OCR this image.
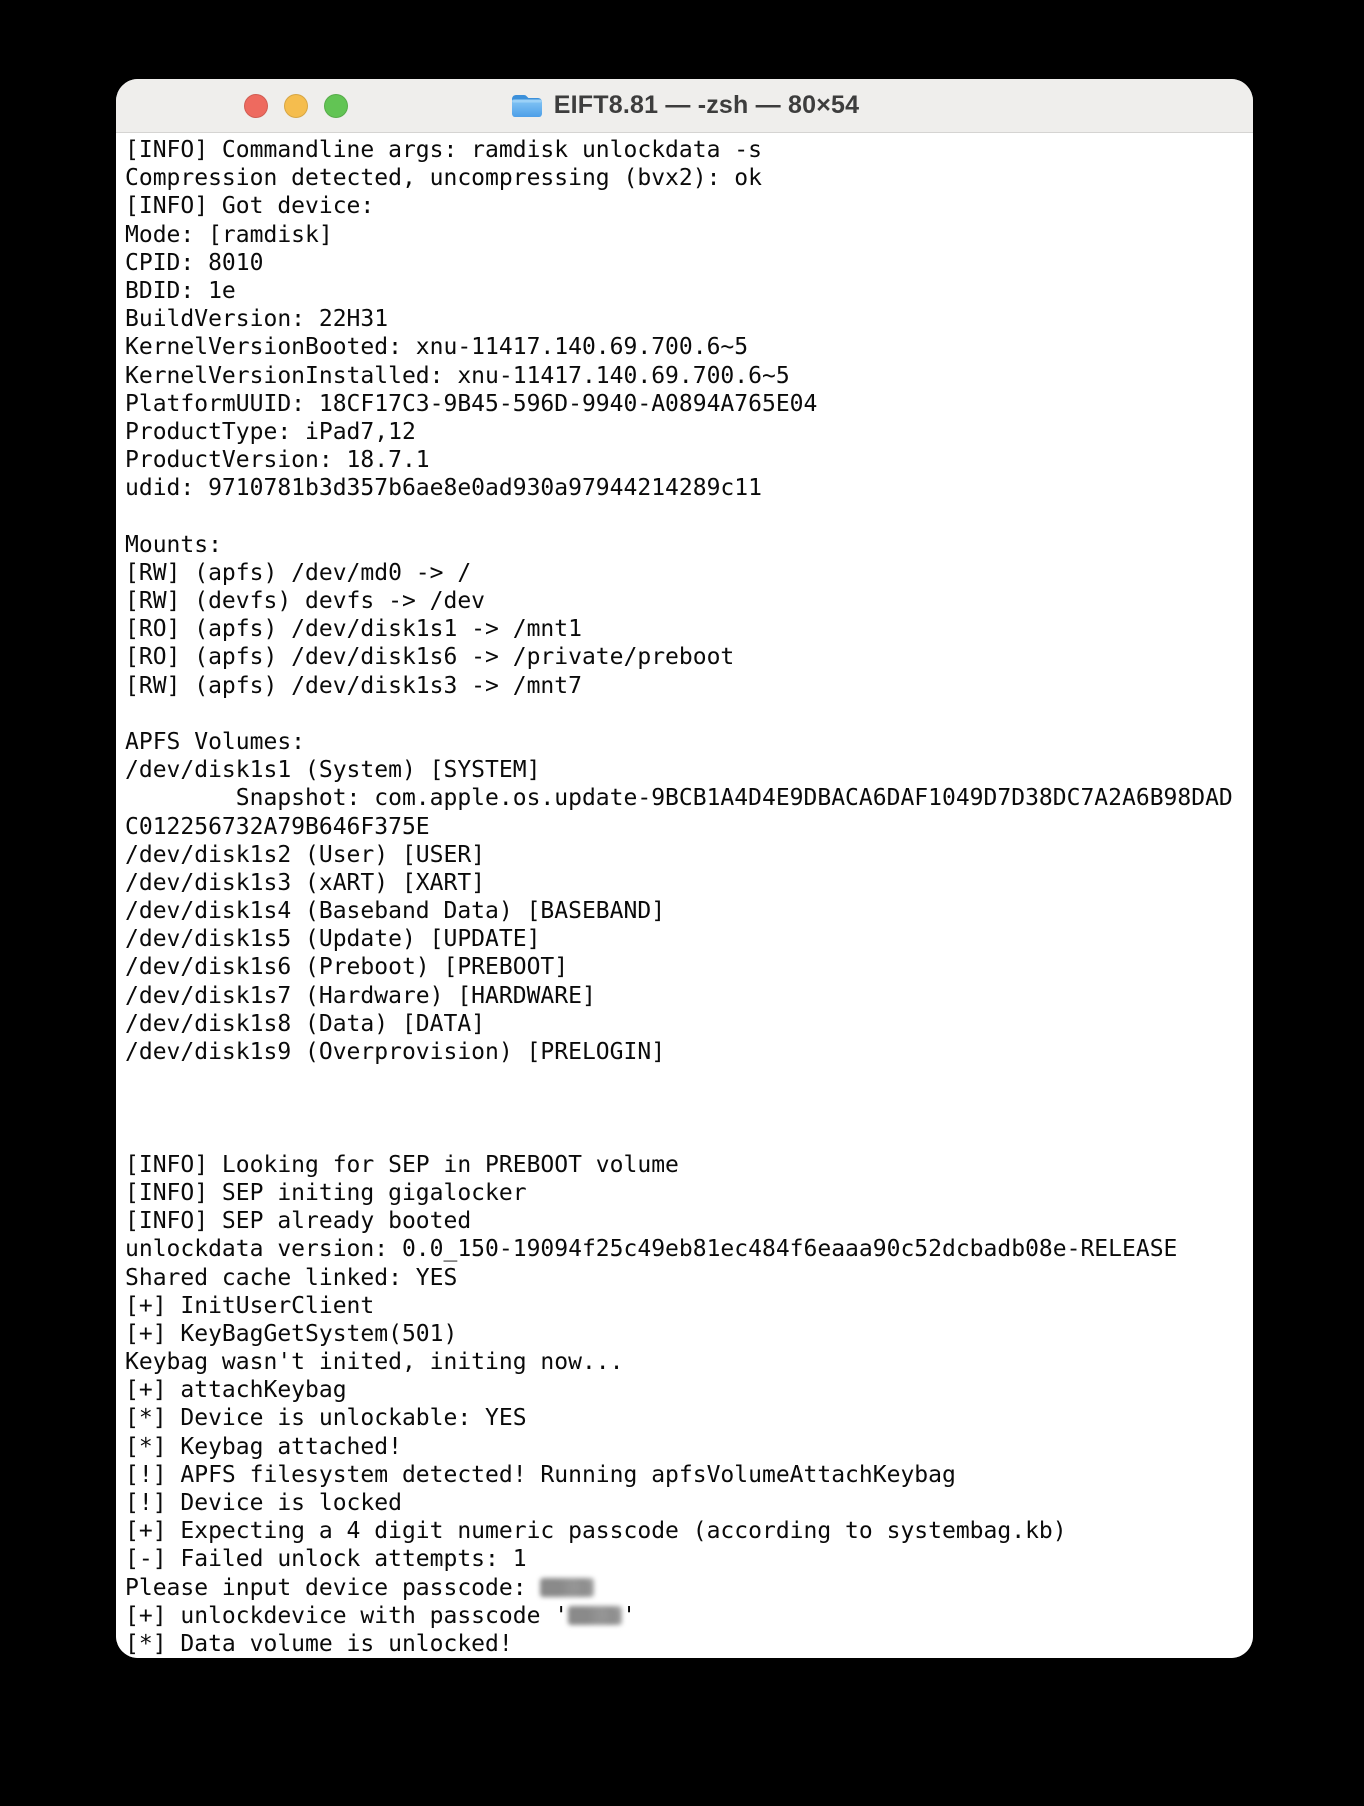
EIFT8.81 — -zsh — 80×54
[INFO] Commandline args: ramdisk unlockdata -s
Compression detected, uncompressing (bvx2): ok
[INFO] Got device:
Mode: [ramdisk]
CPID: 8010
BDID: 1e
BuildVersion: 22H31
KernelVersionBooted: xnu-11417.140.69.700.6~5
KernelVersionInstalled: xnu-11417.140.69.700.6~5
PlatformUUID: 18CF17C3-9B45-596D-9940-A0894A765E04
ProductType: iPad7,12
ProductVersion: 18.7.1
udid: 9710781b3d357b6ae8e0ad930a97944214289c11
Mounts:
[RW] (apfs) /dev/md0 -> /
[RW] (devfs) devfs -> /dev
[RO] (apfs) /dev/disk1s1 -> /mnt1
[RO] (apfs) /dev/disk1s6 -> /private/preboot
[RW] (apfs) /dev/disk1s3 -> /mnt7
APFS Volumes:
/dev/disk1s1 (System) [SYSTEM]
Snapshot: com.apple.os.update-9BCB1A4D4E9DBACA6DAF1049D7D38DC7A2A6B98DAD
C012256732A79B646F375E
/dev/disk1s2 (User) [USER]
/dev/disk1s3 (xART) [XART]
/dev/disk1s4 (Baseband Data) [BASEBAND]
/dev/disk1s5 (Update) [UPDATE]
/dev/disk1s6 (Preboot) [PREBOOT]
/dev/disk1s7 (Hardware) [HARDWARE]
/dev/disk1s8 (Data) [DATA]
/dev/disk1s9 (Overprovision) [PRELOGIN]
[INFO] Looking for SEP in PREBOOT volume
[INFO] SEP initing gigalocker
[INFO] SEP already booted
unlockdata version: 0.0_150-19094f25c49eb81ec484f6eaaa90c52dcbadb08e-RELEASE
Shared cache linked: YES
[+] InitUserClient
[+] KeyBagGetSystem(501)
Keybag wasn't inited, initing now...
[+] attachKeybag
[*] Device is unlockable: YES
[*] Keybag attached!
[!] APFS filesystem detected! Running apfsVolumeAttachKeybag
[!] Device is locked
[+] Expecting a 4 digit numeric passcode (according to systembag.kb)
[-] Failed unlock attempts: 1
Please input device passcode:
[+] unlockdevice with passcode ' '
[*] Data volume is unlocked!
